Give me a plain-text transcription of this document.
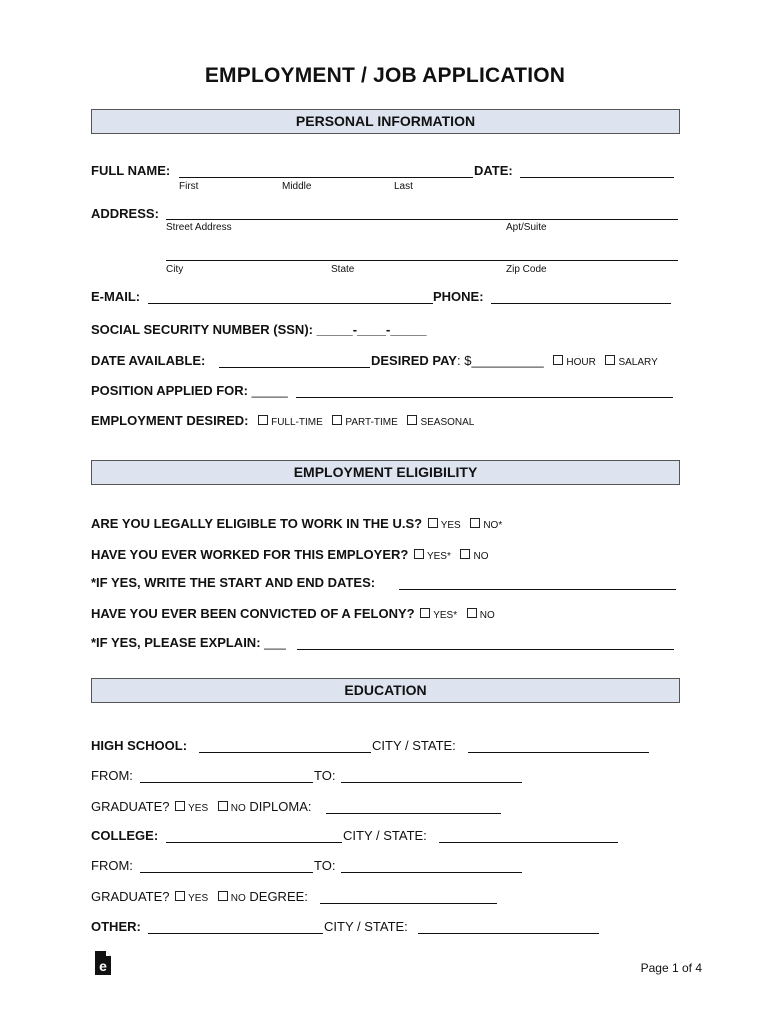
EMPLOYMENT / JOB APPLICATION
PERSONAL INFORMATION
FULL NAME:
First	Middle	Last
DATE:
ADDRESS:
Street Address	Apt/Suite
City	State	Zip Code
E-MAIL:	PHONE:
SOCIAL SECURITY NUMBER (SSN): _____-____-_____
DATE AVAILABLE:	DESIRED PAY: $__________ HOUR SALARY
POSITION APPLIED FOR: _____
EMPLOYMENT DESIRED: FULL-TIME PART-TIME SEASONAL
EMPLOYMENT ELIGIBILITY
ARE YOU LEGALLY ELIGIBLE TO WORK IN THE U.S? YES NO*
HAVE YOU EVER WORKED FOR THIS EMPLOYER? YES* NO
*IF YES, WRITE THE START AND END DATES:
HAVE YOU EVER BEEN CONVICTED OF A FELONY? YES* NO
*IF YES, PLEASE EXPLAIN: ___
EDUCATION
HIGH SCHOOL:	CITY / STATE:
FROM:	TO:
GRADUATE? YES NO DIPLOMA:
COLLEGE:	CITY / STATE:
FROM:	TO:
GRADUATE? YES NO DEGREE:
OTHER:	CITY / STATE:
e	Page 1 of 4
